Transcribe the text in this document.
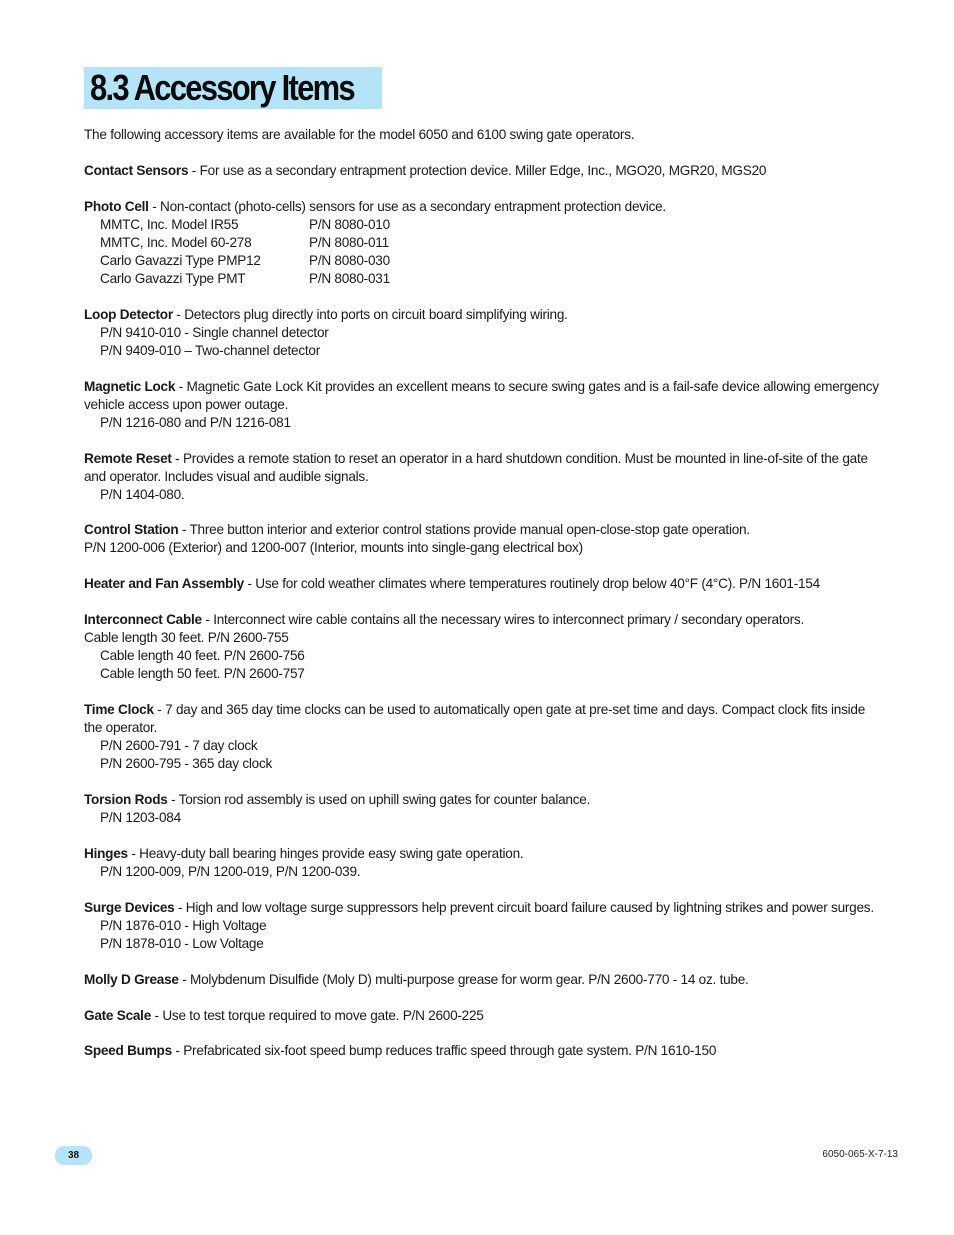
8.3 Accessory Items

The following accessory items are available for the model 6050 and 6100 swing gate operators.

Contact Sensors - For use as a secondary entrapment protection device. Miller Edge, Inc., MGO20, MGR20, MGS20
Photo Cell - Non-contact (photo-cells) sensors for use as a secondary entrapment protection device.
MMTC, Inc. Model IR55	P/N 8080-010
MMTC, Inc. Model 60-278	P/N 8080-011
Carlo Gavazzi Type PMP12	P/N 8080-030
Carlo Gavazzi Type PMT	P/N 8080-031
Loop Detector - Detectors plug directly into ports on circuit board simplifying wiring.
P/N 9410-010 - Single channel detector
P/N 9409-010 – Two-channel detector
Magnetic Lock - Magnetic Gate Lock Kit provides an excellent means to secure swing gates and is a fail-safe device allowing emergency vehicle access upon power outage.
P/N 1216-080 and P/N 1216-081
Remote Reset - Provides a remote station to reset an operator in a hard shutdown condition. Must be mounted in line-of-site of the gate and operator. Includes visual and audible signals.
P/N 1404-080.
Control Station - Three button interior and exterior control stations provide manual open-close-stop gate operation.
P/N 1200-006 (Exterior) and 1200-007 (Interior, mounts into single-gang electrical box)
Heater and Fan Assembly - Use for cold weather climates where temperatures routinely drop below 40°F (4°C). P/N 1601-154
Interconnect Cable - Interconnect wire cable contains all the necessary wires to interconnect primary / secondary operators.
Cable length 30 feet. P/N 2600-755
Cable length 40 feet. P/N 2600-756
Cable length 50 feet. P/N 2600-757
Time Clock - 7 day and 365 day time clocks can be used to automatically open gate at pre-set time and days. Compact clock fits inside the operator.
P/N 2600-791 - 7 day clock
P/N 2600-795 - 365 day clock
Torsion Rods - Torsion rod assembly is used on uphill swing gates for counter balance.
P/N 1203-084
Hinges - Heavy-duty ball bearing hinges provide easy swing gate operation.
P/N 1200-009, P/N 1200-019, P/N 1200-039.
Surge Devices - High and low voltage surge suppressors help prevent circuit board failure caused by lightning strikes and power surges.
P/N 1876-010 - High Voltage
P/N 1878-010 - Low Voltage
Molly D Grease - Molybdenum Disulfide (Moly D) multi-purpose grease for worm gear. P/N 2600-770 - 14 oz. tube.
Gate Scale - Use to test torque required to move gate. P/N 2600-225
Speed Bumps - Prefabricated six-foot speed bump reduces traffic speed through gate system. P/N 1610-150
38	6050-065-X-7-13
